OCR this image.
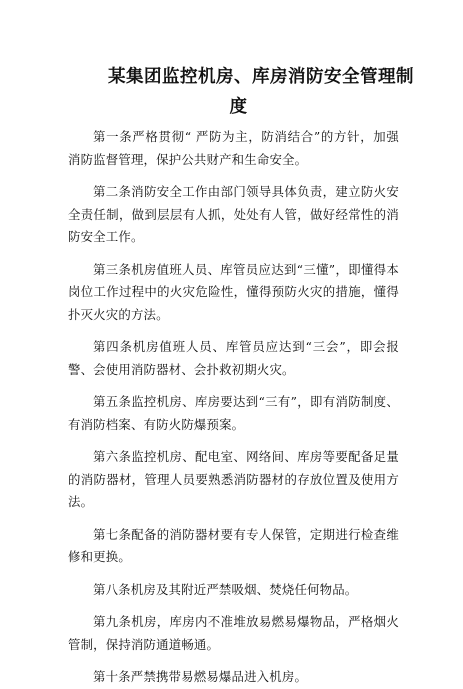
某集团监控机房、库房消防安全管理制
度

第一条严格贯彻“ 严防为主，防消结合”的方针，加强消防监督管理，保护公共财产和生命安全。

第二条消防安全工作由部门领导具体负责，建立防火安全责任制，做到层层有人抓，处处有人管，做好经常性的消防安全工作。

第三条机房值班人员、库管员应达到“三懂”，即懂得本岗位工作过程中的火灾危险性，懂得预防火灾的措施，懂得扑灭火灾的方法。

第四条机房值班人员、库管员应达到“三会”，即会报警、会使用消防器材、会扑救初期火灾。

第五条监控机房、库房要达到“三有”，即有消防制度、有消防档案、有防火防爆预案。

第六条监控机房、配电室、网络间、库房等要配备足量的消防器材，管理人员要熟悉消防器材的存放位置及使用方法。

第七条配备的消防器材要有专人保管，定期进行检查维修和更换。

第八条机房及其附近严禁吸烟、焚烧任何物品。

第九条机房，库房内不准堆放易燃易爆物品，严格烟火管制，保持消防通道畅通。

第十条严禁携带易燃易爆品进入机房。
